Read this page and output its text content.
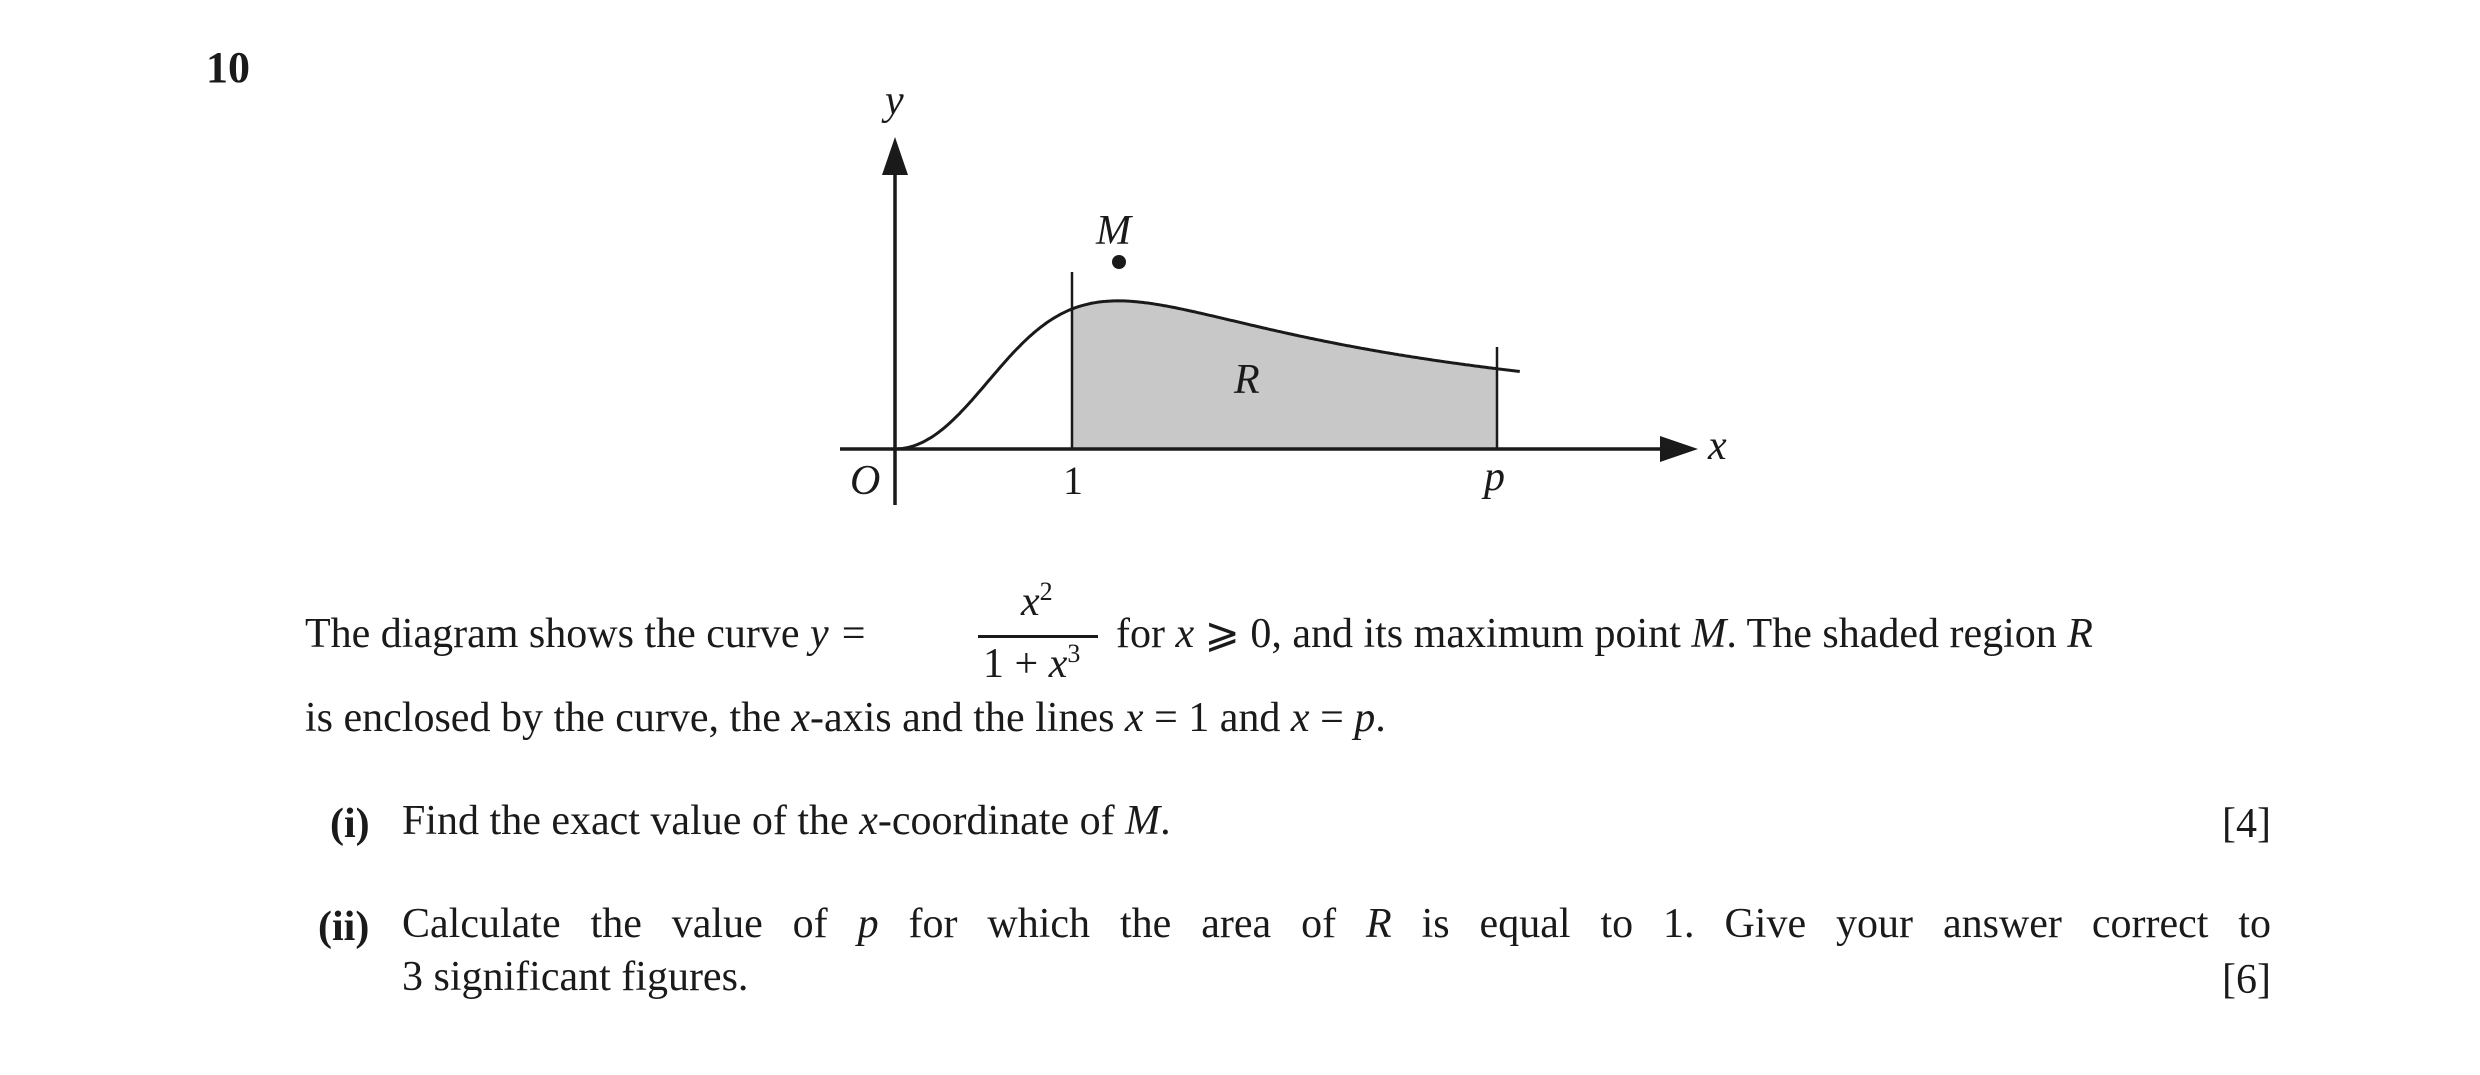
10
y
x
O	1	p
M
R
The diagram shows the curve y =
$x^2$
$1 + x^3$ for x ⩾ 0, and its maximum point M. The shaded region R
is enclosed by the curve, the x-axis and the lines x = 1 and x = p.
(i) Find the exact value of the x-coordinate of M.	[4]
(ii) Calculate the value of p for which the area of R is equal to 1. Give your answer correct to
3 significant figures.	[6]
